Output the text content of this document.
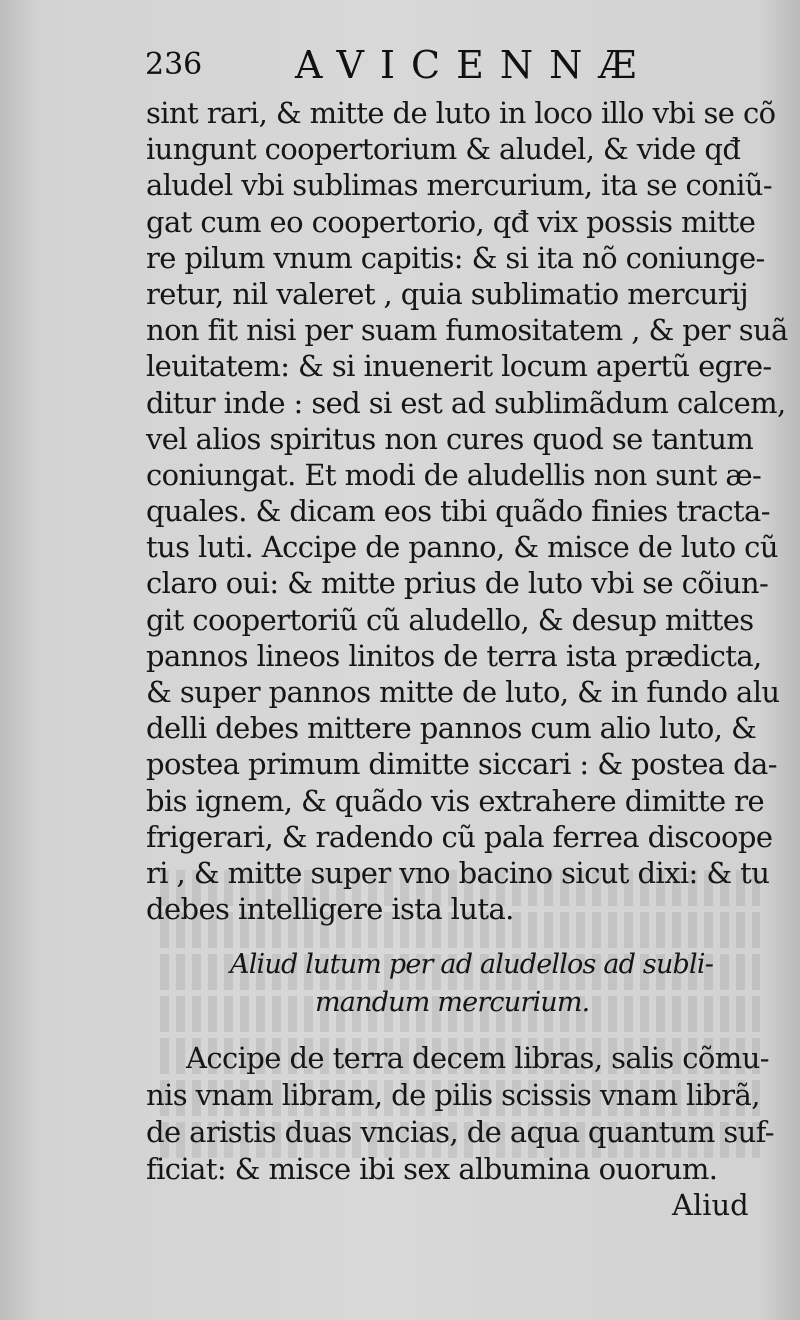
236 AVICENNÆ
sint rari, & mitte de luto in loco illo vbi se cõ
iungunt coopertorium & aludel, & vide qđ
aludel vbi sublimas mercurium, ita se coniũ-
gat cum eo coopertorio, qđ vix possis mitte
re pilum vnum capitis: & si ita nõ coniunge-
retur, nil valeret , quia sublimatio mercurij
non fit nisi per suam fumositatem , & per suã
leuitatem: & si inuenerit locum apertũ egre-
ditur inde : sed si est ad sublimãdum calcem,
vel alios spiritus non cures quod se tantum
coniungat. Et modi de aludellis non sunt æ-
quales. & dicam eos tibi quãdo finies tracta-
tus luti. Accipe de panno, & misce de luto cũ
claro oui: & mitte prius de luto vbi se cõiun-
git coopertoriũ cũ aludello, & desup mittes
pannos lineos linitos de terra ista prædicta,
& super pannos mitte de luto, & in fundo alu
delli debes mittere pannos cum alio luto, &
postea primum dimitte siccari : & postea da-
bis ignem, & quãdo vis extrahere dimitte re
frigerari, & radendo cũ pala ferrea discoope
ri , & mitte super vno bacino sicut dixi: & tu
debes intelligere ista luta.
Aliud lutum per ad aludellos ad subli-
mandum mercurium.
Accipe de terra decem libras, salis cõmu-
nis vnam libram, de pilis scissis vnam librã,
de aristis duas vncias, de aqua quantum suf-
ficiat: & misce ibi sex albumina ouorum.
Aliud
